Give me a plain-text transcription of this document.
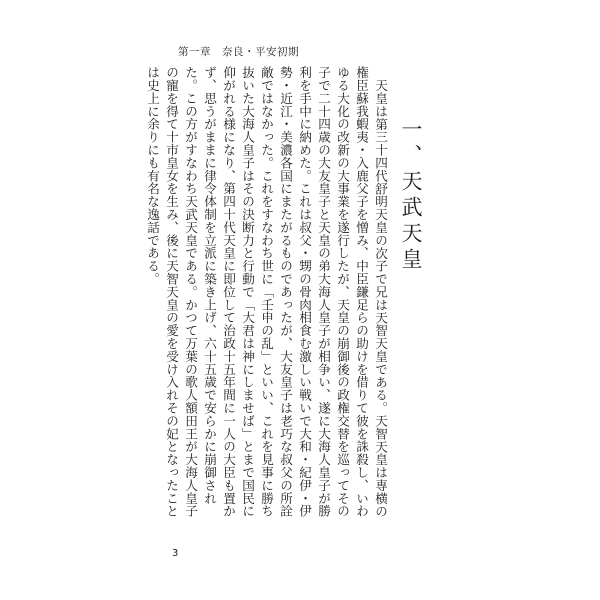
第一章　奈良・平安初期
一、天武天皇

天皇は第三十四代舒明天皇の次子で兄は天智天皇である。天智天皇は専横の権臣蘇我蝦夷・入鹿父子を憎み、中臣鎌足らの助けを借りて彼を誅殺し、いわゆる大化の改新の大事業を遂行したが、天皇の崩御後の政権交替を巡ってその子で二十四歳の大友皇子と天皇の弟大海人皇子が相争い、遂に大海人皇子が勝利を手中に納めた。これは叔父・甥の骨肉相食む激しい戦いで大和・紀伊・伊勢・近江・美濃各国にまたがるものであったが、大友皇子は老巧な叔父の所詮敵ではなかった。これをすなわち世に「壬申の乱」といい、これを見事に勝ち抜いた大海人皇子はその決断力と行動で「大君は神にしませば」とまで国民に仰がれる様になり、第四十代天皇に即位して治政十五年間に一人の大臣も置かず、思うがままに律令体制を立派に築き上げ、六十五歳で安らかに崩御された。この方がすなわち天武天皇である。かつて万葉の歌人額田王が大海人皇子の寵を得て十市皇女を生み、後に天智天皇の愛を受け入れその妃となったことは史上に余りにも有名な逸話である。

3
